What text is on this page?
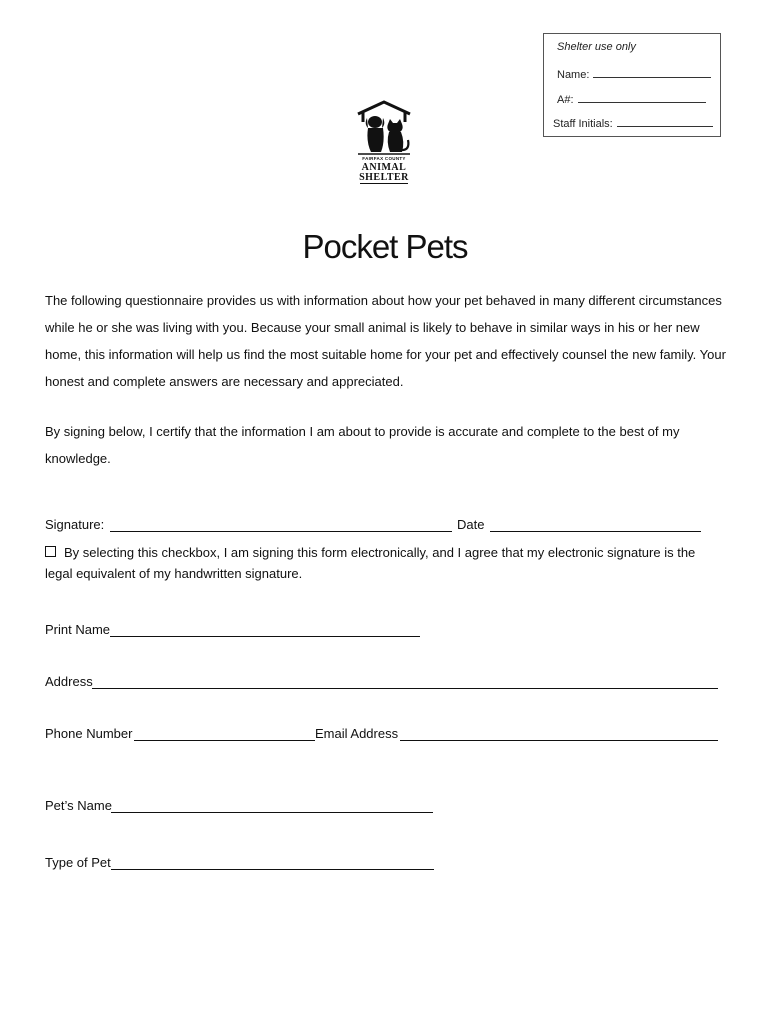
Shelter use only
Name:
A#:
Staff Initials:
FAIRFAX COUNTY
ANIMAL
SHELTER
Pocket Pets
The following questionnaire provides us with information about how your pet behaved in many different circumstances while he or she was living with you. Because your small animal is likely to behave in similar ways in his or her new home, this information will help us find the most suitable home for your pet and effectively counsel the new family. Your honest and complete answers are necessary and appreciated.
By signing below, I certify that the information I am about to provide is accurate and complete to the best of my knowledge.
Signature:	Date
By selecting this checkbox, I am signing this form electronically, and I agree that my electronic signature is the legal equivalent of my handwritten signature.
Print Name
Address
Phone Number	Email Address
Pet’s Name
Type of Pet
